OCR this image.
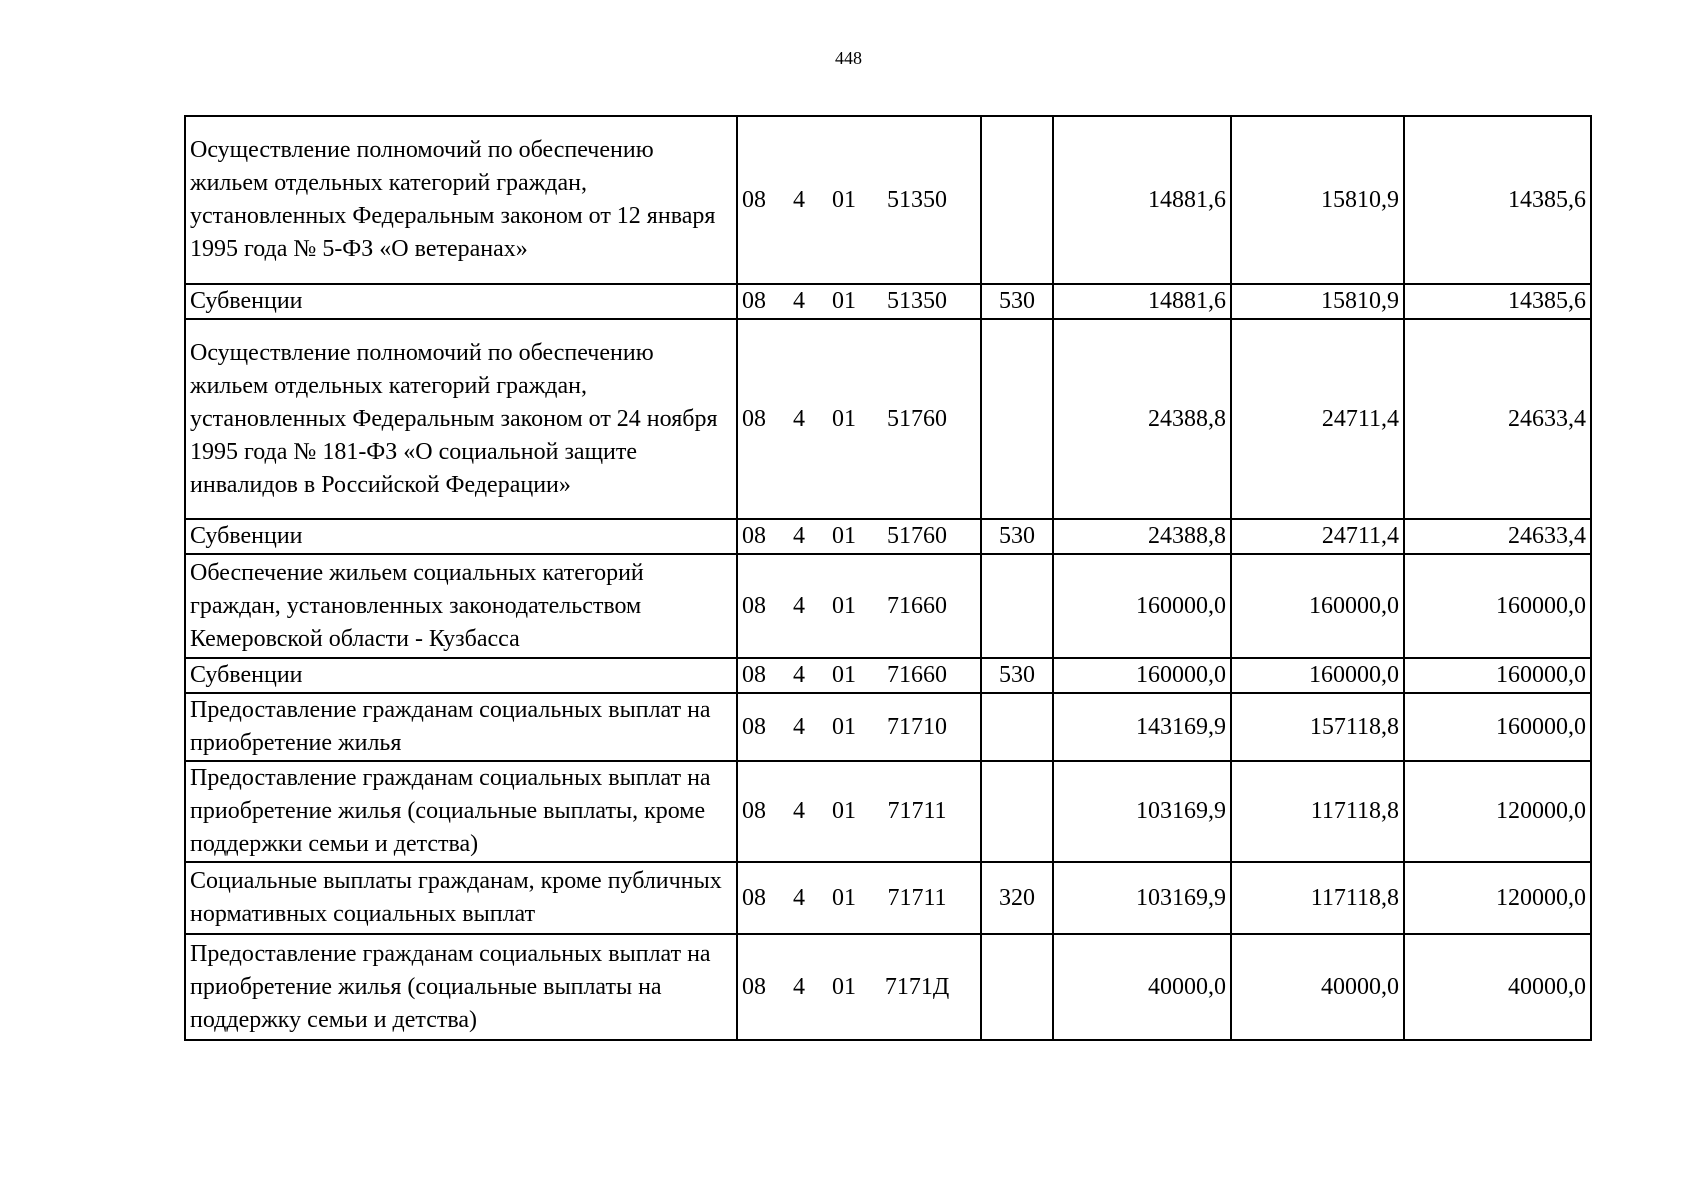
448
Осуществление полномочий по обеспечению жильем отдельных категорий граждан, установленных Федеральным законом от 12 января 1995 года № 5-ФЗ «О ветеранах»	08 4 01 51350		14881,6	15810,9	14385,6
Субвенции	08 4 01 51350	530	14881,6	15810,9	14385,6
Осуществление полномочий по обеспечению жильем отдельных категорий граждан, установленных Федеральным законом от 24 ноября 1995 года № 181-ФЗ «О социальной защите инвалидов в Российской Федерации»	08 4 01 51760		24388,8	24711,4	24633,4
Субвенции	08 4 01 51760	530	24388,8	24711,4	24633,4
Обеспечение жильем социальных категорий граждан, установленных законодательством Кемеровской области - Кузбасса	08 4 01 71660		160000,0	160000,0	160000,0
Субвенции	08 4 01 71660	530	160000,0	160000,0	160000,0
Предоставление гражданам социальных выплат на приобретение жилья	08 4 01 71710		143169,9	157118,8	160000,0
Предоставление гражданам социальных выплат на приобретение жилья (социальные выплаты, кроме поддержки семьи и детства)	08 4 01 71711		103169,9	117118,8	120000,0
Социальные выплаты гражданам, кроме публичных нормативных социальных выплат	08 4 01 71711	320	103169,9	117118,8	120000,0
Предоставление гражданам социальных выплат на приобретение жилья (социальные выплаты на поддержку семьи и детства)	08 4 01 7171Д		40000,0	40000,0	40000,0
